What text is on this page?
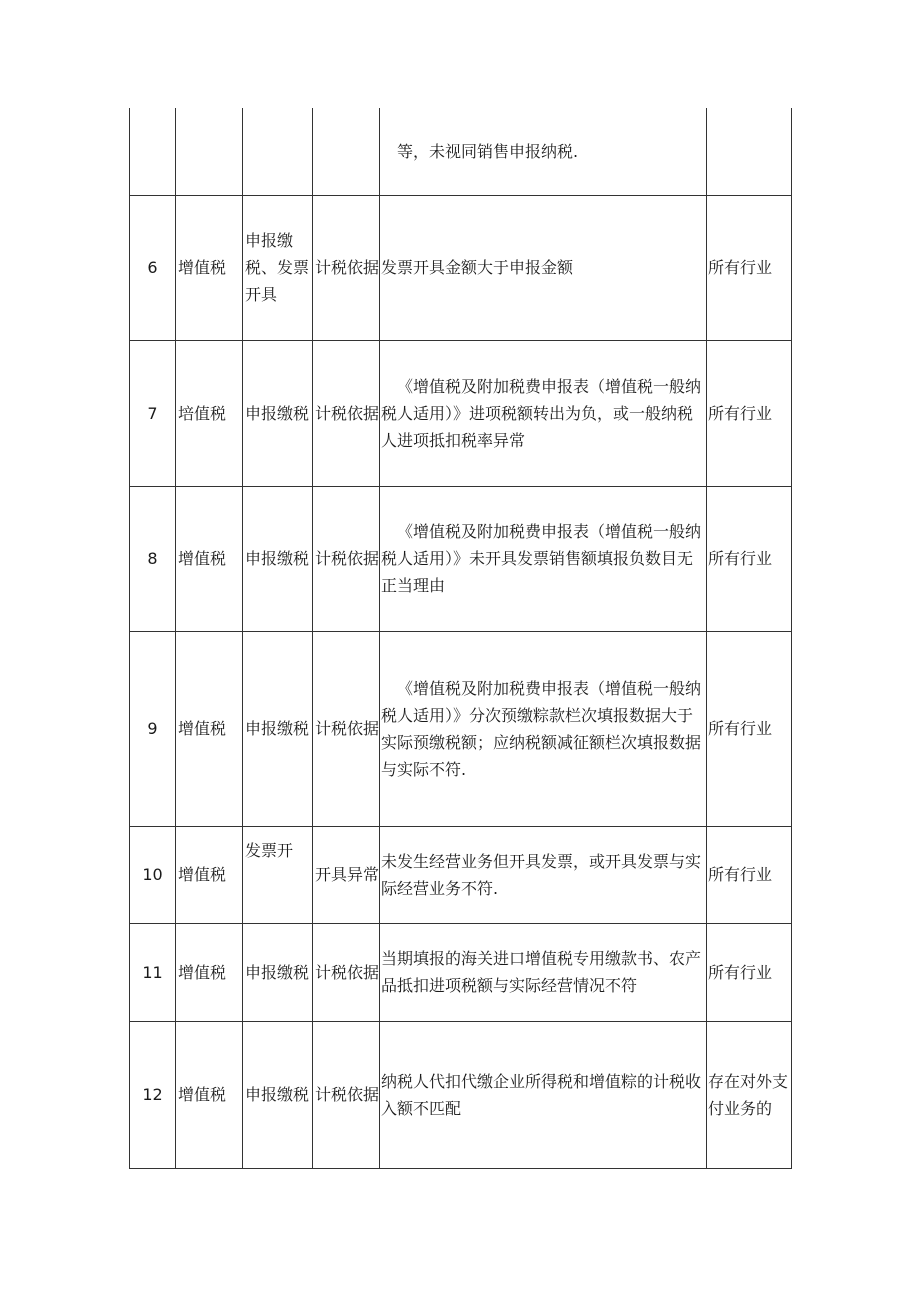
				等，未视同销售申报纳税.	
6	增值税	申报缴税、发票开具	计税依据	发票开具金额大于申报金额	所有行业
7	培值税	申报缴税	计税依据	《增值税及附加税费申报表（增值税一般纳税人适用）》进项税额转出为负，或一般纳税人进项抵扣税率异常	所有行业
8	增值税	申报缴税	计税依据	《增值税及附加税费申报表（增值税一般纳税人适用）》未开具发票销售额填报负数目无正当理由	所有行业
9	增值税	申报缴税	计税依据	《增值税及附加税费申报表（增值税一般纳税人适用）》分次预缴粽款栏次填报数据大于实际预缴税额；应纳税额减征额栏次填报数据与实际不符.	所有行业
10	增值税	发票开	开具异常	未发生经营业务但开具发票，或开具发票与实际经营业务不符.	所有行业
11	增值税	申报缴税	计税依据	当期填报的海关进口增值税专用缴款书、农产品抵扣进项税额与实际经营情况不符	所有行业
12	增值税	申报缴税	计税依据	纳税人代扣代缴企业所得税和增值粽的计税收入额不匹配	存在对外支付业务的
